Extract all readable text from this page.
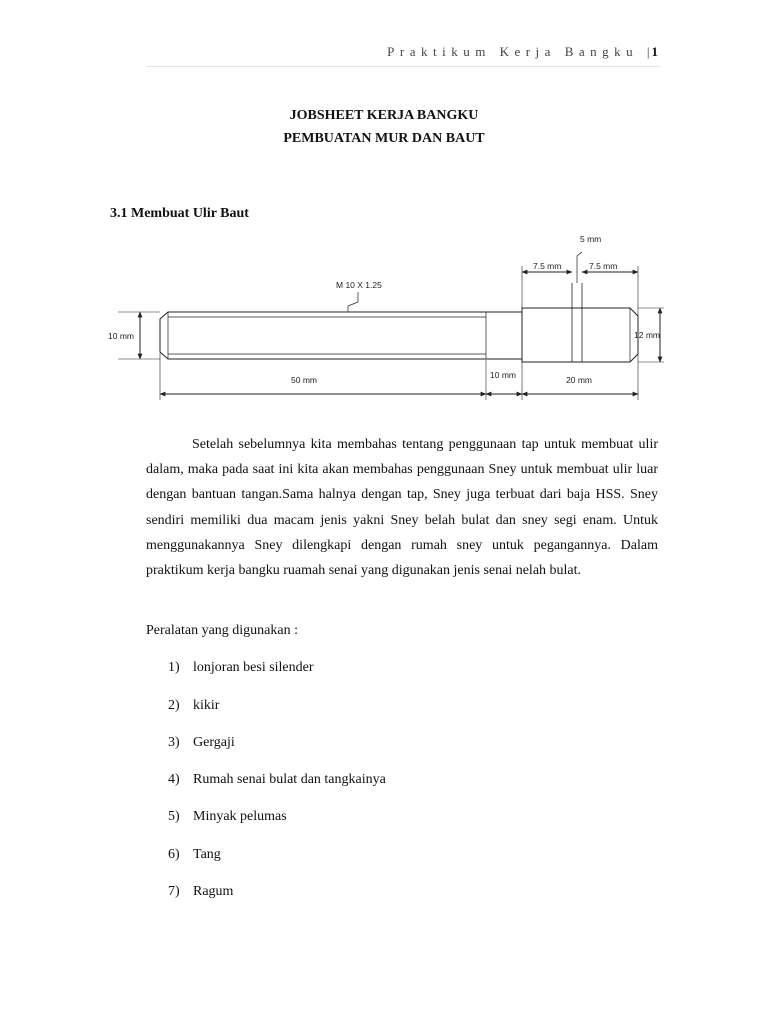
Praktikum Kerja Bangku |1
JOBSHEET KERJA BANGKU
PEMBUATAN MUR DAN BAUT
3.1 Membuat Ulir Baut
M 10 X 1.25
5 mm
7.5 mm	7.5 mm
10 mm	12 mm
50 mm	10 mm	20 mm

Setelah sebelumnya kita membahas tentang penggunaan tap untuk membuat ulir dalam, maka pada saat ini kita akan membahas penggunaan Sney untuk membuat ulir luar dengan bantuan tangan.Sama halnya dengan tap, Sney juga terbuat dari baja HSS. Sney sendiri memiliki dua macam jenis yakni Sney belah bulat dan sney segi enam. Untuk menggunakannya Sney dilengkapi dengan rumah sney untuk pegangannya. Dalam praktikum kerja bangku ruamah senai yang digunakan jenis senai nelah bulat.

Peralatan yang digunakan :
1) lonjoran besi silender
2) kikir
3) Gergaji
4) Rumah senai bulat dan tangkainya
5) Minyak pelumas
6) Tang
7) Ragum
